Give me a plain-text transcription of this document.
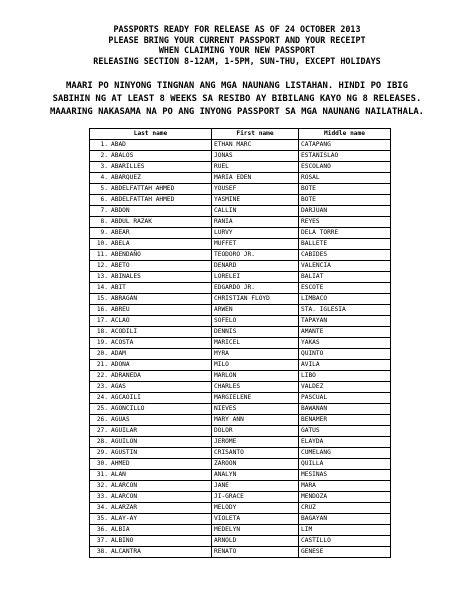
PASSPORTS READY FOR RELEASE AS OF 24 OCTOBER 2013
PLEASE BRING YOUR CURRENT PASSPORT AND YOUR RECEIPT
WHEN CLAIMING YOUR NEW PASSPORT
RELEASING SECTION 8-12AM, 1-5PM, SUN-THU, EXCEPT HOLIDAYS
MAARI PO NINYONG TINGNAN ANG MGA NAUNANG LISTAHAN. HINDI PO IBIG
SABIHIN NG AT LEAST 8 WEEKS SA RESIBO AY BIBILANG KAYO NG 8 RELEASES.
MAAARING NAKASAMA NA PO ANG INYONG PASSPORT SA MGA NAUNANG NAILATHALA.
Last name	First name	Middle name
1. ABAD	ETHAN MARC	CATAPANG
2. ABALOS	JONAS	ESTANISLAO
3. ABARILLES	RUEL	ESCOLANO
4. ABARQUEZ	MARIA EDEN	ROSAL
5. ABDELFATTAH AHMED	YOUSEF	BOTE
6. ABDELFATTAH AHMED	YASMINE	BOTE
7. ABDON	CALLIN	DARJUAN
8. ABDUL RAZAK	RANIA	REYES
9. ABEAR	LURVY	DELA TORRE
10. ABELA	MUFFET	BALLETE
11. ABENDAÑO	TEODORO JR.	CABIDES
12. ABETO	DENARD	VALENCIA
13. ABINALES	LORELEI	BALIAT
14. ABIT	EDGARDO JR.	ESCOTE
15. ABRAGAN	CHRISTIAN FLOYD	LIMBACO
16. ABREU	ARWEN	STA. IGLESIA
17. ACLAO	SOFELO	TAPAYAN
18. ACODILI	DENNIS	AMANTE
19. ACOSTA	MARICEL	YAKAS
20. ADAM	MYRA	QUINTO
21. ADONA	MILO	AVILA
22. ADRANEDA	MARLON	LIBO
23. AGAS	CHARLES	VALDEZ
24. AGCAOILI	MARGIELENE	PASCUAL
25. AGONCILLO	NIEVES	BAWANAN
26. AGUAS	MARY ANN	BENAMER
27. AGUILAR	DOLOR	GATUS
28. AGUILON	JEROME	ELAYDA
29. AGUSTIN	CRISANTO	CUMELANG
30. AHMED	ZAROON	QUILLA
31. ALAN	ANALYN	MESINAS
32. ALARCON	JANE	MARA
33. ALARCON	JI-GRACE	MENDOZA
34. ALARZAR	MELODY	CRUZ
35. ALAY-AY	VIOLETA	BAGAYAN
36. ALBIA	MEDELYN	LIM
37. ALBINO	ARNOLD	CASTILLO
38. ALCANTRA	RENATO	GENESE
